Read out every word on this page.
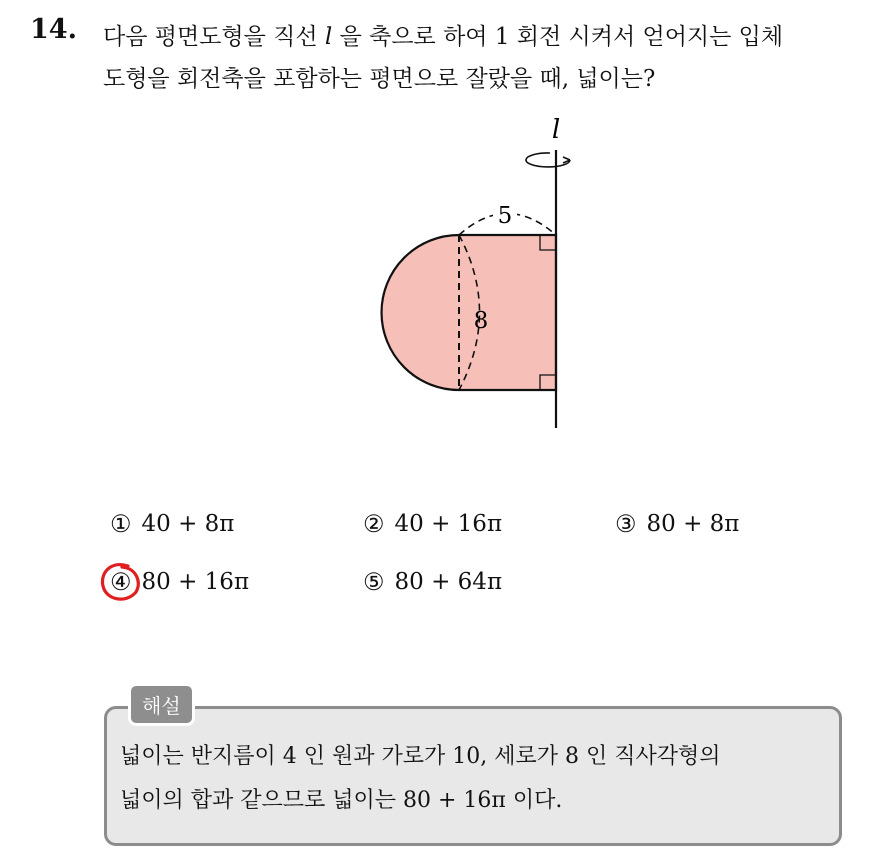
14. 다음 평면도형을 직선 l 을 축으로 하여 1 회전 시켜서 얻어지는 입체
도형을 회전축을 포함하는 평면으로 잘랐을 때, 넓이는?
l
8
5
① 40 + 8π	② 40 + 16π	③ 80 + 8π
④ 80 + 16π	⑤ 80 + 64π
해설
넓이는 반지름이 4 인 원과 가로가 10, 세로가 8 인 직사각형의
넓이의 합과 같으므로 넓이는 80 + 16π 이다.
